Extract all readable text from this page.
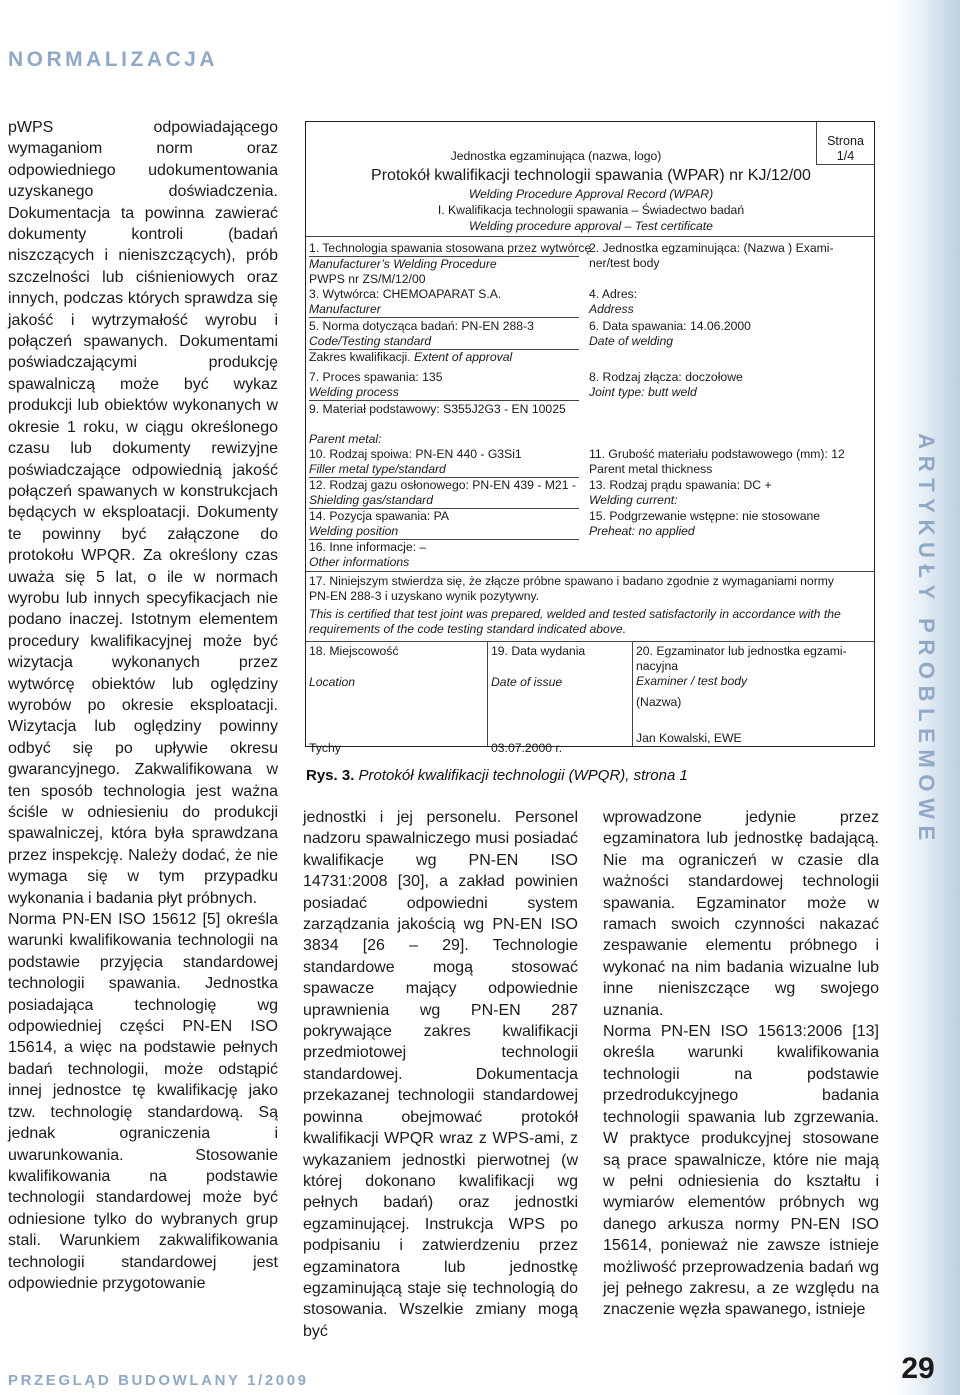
NORMALIZACJA
ARTYKUŁY PROBLEMOWE

pWPS odpowiadającego wymaganiom norm oraz odpowiedniego udokumentowania uzyskanego doświadczenia. Dokumentacja ta powinna zawierać dokumenty kontroli (badań niszczących i nieniszczących), prób szczelności lub ciśnieniowych oraz innych, podczas których sprawdza się jakość i wytrzymałość wyrobu i połączeń spawanych. Dokumentami poświadczającymi produkcję spawalniczą może być wykaz produkcji lub obiektów wykonanych w okresie 1 roku, w ciągu określonego czasu lub dokumenty rewizyjne poświadczające odpowiednią jakość połączeń spawanych w konstrukcjach będących w eksploatacji. Dokumenty te powinny być załączone do protokołu WPQR. Za określony czas uważa się 5 lat, o ile w normach wyrobu lub innych specyfikacjach nie podano inaczej. Istotnym elementem procedury kwalifikacyjnej może być wizytacja wykonanych przez wytwórcę obiektów lub oględziny wyrobów po okresie eksploatacji. Wizytacja lub oględziny powinny odbyć się po upływie okresu gwarancyjnego. Zakwalifikowana w ten sposób technologia jest ważna ściśle w odniesieniu do produkcji spawalniczej, która była sprawdzana przez inspekcję. Należy dodać, że nie wymaga się w tym przypadku wykonania i badania płyt próbnych.

Norma PN-EN ISO 15612 [5] określa warunki kwalifikowania technologii na podstawie przyjęcia standardowej technologii spawania. Jednostka posiadająca technologię wg odpowiedniej części PN-EN ISO 15614, a więc na podstawie pełnych badań technologii, może odstąpić innej jednostce tę kwalifikację jako tzw. technologię standardową. Są jednak ograniczenia i uwarunkowania. Stosowanie kwalifikowania na podstawie technologii standardowej może być odniesione tylko do wybranych grup stali. Warunkiem zakwalifikowania technologii standardowej jest odpowiednie przygotowanie

Strona
1/4
Jednostka egzaminująca (nazwa, logo)
Protokół kwalifikacji technologii spawania (WPAR) nr KJ/12/00
Welding Procedure Approval Record (WPAR)
I. Kwalifikacja technologii spawania – Świadectwo badań
Welding procedure approval – Test certificate
1. Technologia spawania stosowana przez wytwórcę
Manufacturer’s Welding Procedure
PWPS nr ZS/M/12/00
3. Wytwórca: CHEMOAPARAT S.A.
Manufacturer
5. Norma dotycząca badań: PN-EN 288-3
Code/Testing standard
Zakres kwalifikacji. Extent of approval
7. Proces spawania: 135
Welding process
9. Materiał podstawowy: S355J2G3 - EN 10025
Parent metal:
10. Rodzaj spoiwa: PN-EN 440 - G3Si1
Filler metal type/standard
12. Rodzaj gazu osłonowego: PN-EN 439 - M21 -
Shielding gas/standard
14. Pozycja spawania: PA
Welding position
16. Inne informacje: –
Other informations
2. Jednostka egzaminująca: (Nazwa ) Exami-
ner/test body
4. Adres:
Address
6. Data spawania: 14.06.2000
Date of welding
8. Rodzaj złącza: doczołowe
Joint type: butt weld
11. Grubość materiału podstawowego (mm): 12
Parent metal thickness
13. Rodzaj prądu spawania: DC +
Welding current:
15. Podgrzewanie wstępne: nie stosowane
Preheat: no applied
17. Niniejszym stwierdza się, że złącze próbne spawano i badano zgodnie z wymaganiami normy
PN-EN 288-3 i uzyskano wynik pozytywny.
This is certified that test joint was prepared, welded and tested satisfactorily in accordance with the
requirements of the code testing standard indicated above.
18. Miejscowość
Location
Tychy
19. Data wydania
Date of issue
03.07.2000 r.
20. Egzaminator lub jednostka egzami-
nacyjna
Examiner / test body
(Nazwa)
Jan Kowalski, EWE
Rys. 3. Protokół kwalifikacji technologii (WPQR), strona 1

jednostki i jej personelu. Personel nadzoru spawalniczego musi posiadać kwalifikacje wg PN-EN ISO 14731:2008 [30], a zakład powinien posiadać odpowiedni system zarządzania jakością wg PN-EN ISO 3834 [26 – 29]. Technologie standardowe mogą stosować spawacze mający odpowiednie uprawnienia wg PN-EN 287 pokrywające zakres kwalifikacji przedmiotowej technologii standardowej. Dokumentacja przekazanej technologii standardowej powinna obejmować protokół kwalifikacji WPQR wraz z WPS-ami, z wykazaniem jednostki pierwotnej (w której dokonano kwalifikacji wg pełnych badań) oraz jednostki egzaminującej. Instrukcja WPS po podpisaniu i zatwierdzeniu przez egzaminatora lub jednostkę egzaminującą staje się technologią do stosowania. Wszelkie zmiany mogą być

wprowadzone jedynie przez egzaminatora lub jednostkę badającą. Nie ma ograniczeń w czasie dla ważności standardowej technologii spawania. Egzaminator może w ramach swoich czynności nakazać zespawanie elementu próbnego i wykonać na nim badania wizualne lub inne nieniszczące wg swojego uznania.

Norma PN-EN ISO 15613:2006 [13] określa warunki kwalifikowania technologii na podstawie przedrodukcyjnego badania technologii spawania lub zgrzewania. W praktyce produkcyjnej stosowane są prace spawalnicze, które nie mają w pełni odniesienia do kształtu i wymiarów elementów próbnych wg danego arkusza normy PN-EN ISO 15614, ponieważ nie zawsze istnieje możliwość przeprowadzenia badań wg jej pełnego zakresu, a ze względu na znaczenie węzła spawanego, istnieje

PRZEGLĄD BUDOWLANY 1/2009	29
